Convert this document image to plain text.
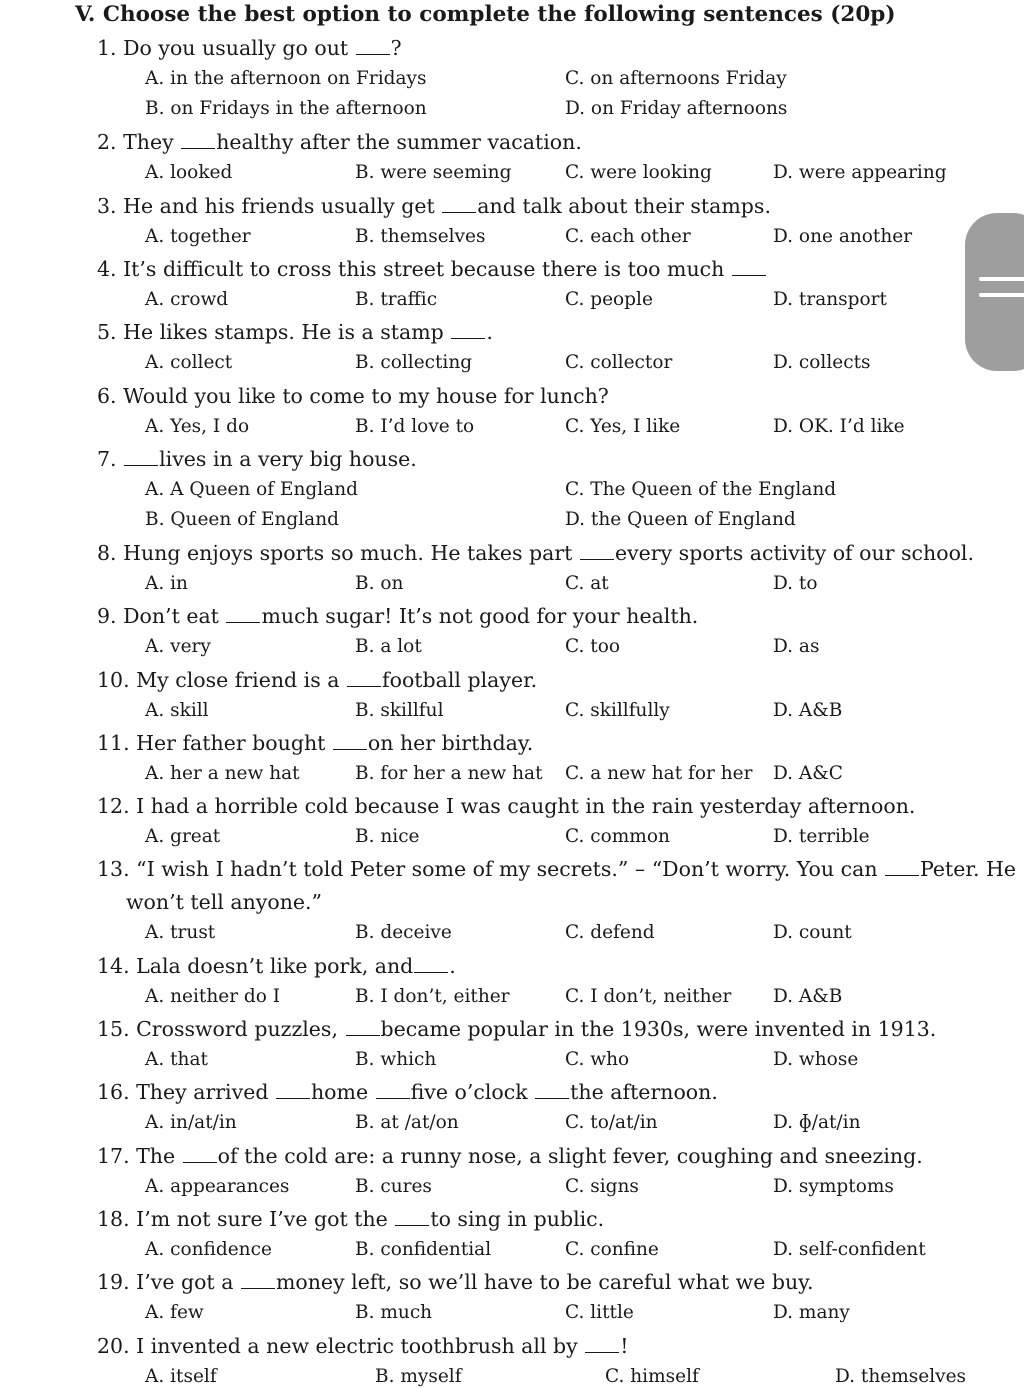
V. Choose the best option to complete the following sentences (20p)
1. Do you usually go out ?
A. in the afternoon on Fridays
B. on Fridays in the afternoon
C. on afternoons Friday
D. on Friday afternoons
2. They healthy after the summer vacation.
A. looked	B. were seeming	C. were looking	D. were appearing
3. He and his friends usually get and talk about their stamps.
A. together	B. themselves	C. each other	D. one another
4. It’s difficult to cross this street because there is too much
A. crowd	B. traffic	C. people	D. transport
5. He likes stamps. He is a stamp .
A. collect	B. collecting	C. collector	D. collects
6. Would you like to come to my house for lunch?
A. Yes, I do	B. I’d love to	C. Yes, I like	D. OK. I’d like
7. lives in a very big house.
A. A Queen of England
B. Queen of England
C. The Queen of the England
D. the Queen of England
8. Hung enjoys sports so much. He takes part every sports activity of our school.
A. in	B. on	C. at	D. to
9. Don’t eat much sugar! It’s not good for your health.
A. very	B. a lot	C. too	D. as
10. My close friend is a football player.
A. skill	B. skillful	C. skillfully	D. A&B
11. Her father bought on her birthday.
A. her a new hat	B. for her a new hat C. a new hat for her D. A&C
12. I had a horrible cold because I was caught in the rain yesterday afternoon.
A. great	B. nice	C. common	D. terrible
13. “I wish I hadn’t told Peter some of my secrets.” – “Don’t worry. You can Peter. He
won’t tell anyone.”
A. trust	B. deceive	C. defend	D. count
14. Lala doesn’t like pork, and .
A. neither do I	B. I don’t, either	C. I don’t, neither D. A&B
15. Crossword puzzles, became popular in the 1930s, were invented in 1913.
A. that	B. which	C. who	D. whose
16. They arrived home five o’clock the afternoon.
A. in/at/in	B. at /at/on	C. to/at/in	D. ɸ/at/in
17. The of the cold are: a runny nose, a slight fever, coughing and sneezing.
A. appearances	B. cures	C. signs	D. symptoms
18. I’m not sure I’ve got the to sing in public.
A. confidence	B. confidential	C. confine	D. self-confident
19. I’ve got a money left, so we’ll have to be careful what we buy.
A. few	B. much	C. little	D. many
20. I invented a new electric toothbrush all by !
A. itself	B. myself	C. himself	D. themselves
